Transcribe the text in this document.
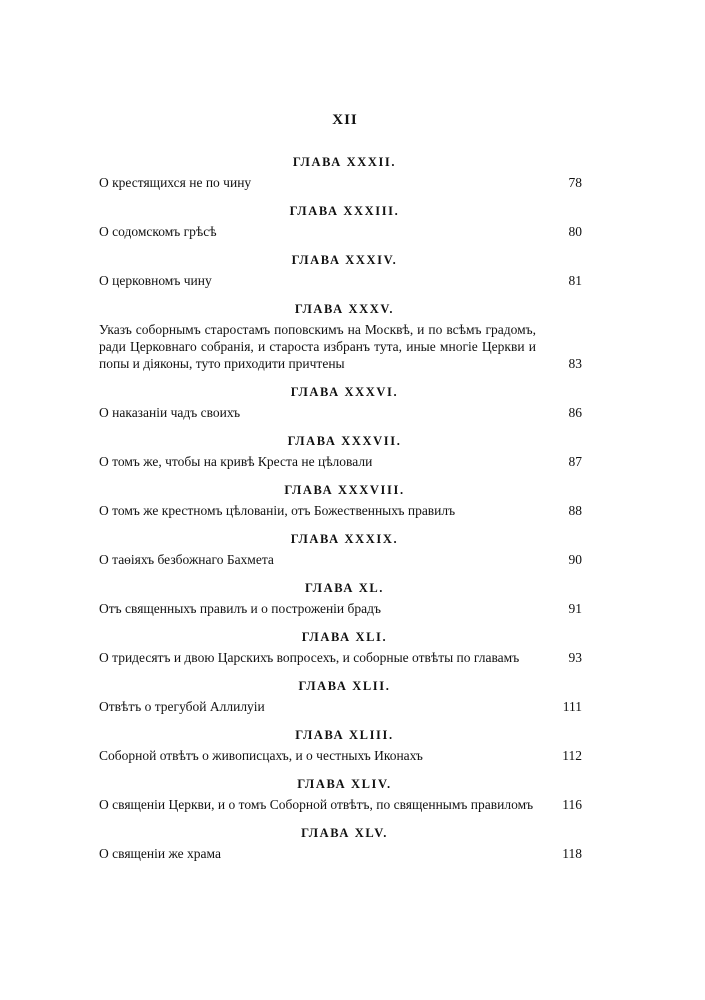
XII
ГЛАВА XXXII.
О крестящихся не по чину	78
ГЛАВА XXXIII.
О содомскомъ грѣсѣ	80
ГЛАВА XXXIV.
О церковномъ чину	81
ГЛАВА XXXV.
Указъ соборнымъ старостамъ поповскимъ на Москвѣ, и по всѣмъ градомъ, ради Церковнаго собранія, и староста избранъ тута, иные многіе Церкви и попы и діяконы, туто приходити причтены	83
ГЛАВА XXXVI.
О наказаніи чадъ своихъ	86
ГЛАВА XXXVII.
О томъ же, чтобы на кривѣ Креста не цѣловали	87
ГЛАВА XXXVIII.
О томъ же крестномъ цѣлованіи, отъ Божественныхъ правилъ	88
ГЛАВА XXXIX.
О таѳіяхъ безбожнаго Бахмета	90
ГЛАВА XL.
Отъ священныхъ правилъ и о построженіи брадъ	91
ГЛАВА XLI.
О тридесятъ и двою Царскихъ вопросехъ, и соборные отвѣты по главамъ	93
ГЛАВА XLII.
Отвѣтъ о трегубой Аллилуіи	111
ГЛАВА XLIII.
Соборной отвѣтъ о живописцахъ, и о честныхъ Иконахъ	112
ГЛАВА XLIV.
О священіи Церкви, и о томъ Соборной отвѣтъ, по священнымъ правиломъ	116
ГЛАВА XLV.
О священіи же храма	118
